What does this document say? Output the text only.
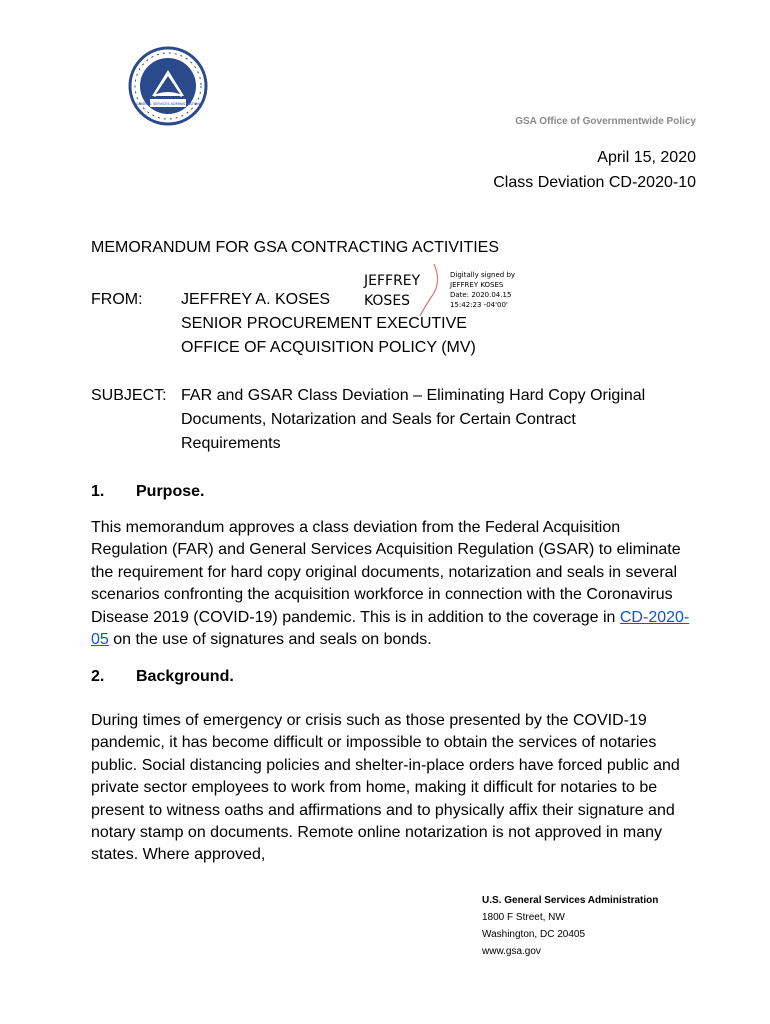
GENERAL SERVICES ADMINISTRATION
GSA Office of Governmentwide Policy
April 15, 2020
Class Deviation CD-2020-10
MEMORANDUM FOR GSA CONTRACTING ACTIVITIES
JEFFREY
KOSES
Digitally signed by
JEFFREY KOSES
Date: 2020.04.15
15:42:23 -04'00'
FROM: JEFFREY A. KOSES
SENIOR PROCUREMENT EXECUTIVE
OFFICE OF ACQUISITION POLICY (MV)
SUBJECT: FAR and GSAR Class Deviation – Eliminating Hard Copy Original
Documents, Notarization and Seals for Certain Contract
Requirements
1. Purpose.

This memorandum approves a class deviation from the Federal Acquisition Regulation (FAR) and General Services Acquisition Regulation (GSAR) to eliminate the requirement for hard copy original documents, notarization and seals in several scenarios confronting the acquisition workforce in connection with the Coronavirus Disease 2019 (COVID-19) pandemic. This is in addition to the coverage in CD-2020-05 on the use of signatures and seals on bonds.

2. Background.

During times of emergency or crisis such as those presented by the COVID-19 pandemic, it has become difficult or impossible to obtain the services of notaries public. Social distancing policies and shelter-in-place orders have forced public and private sector employees to work from home, making it difficult for notaries to be present to witness oaths and affirmations and to physically affix their signature and notary stamp on documents. Remote online notarization is not approved in many states. Where approved,

U.S. General Services Administration
1800 F Street, NW
Washington, DC 20405
www.gsa.gov
